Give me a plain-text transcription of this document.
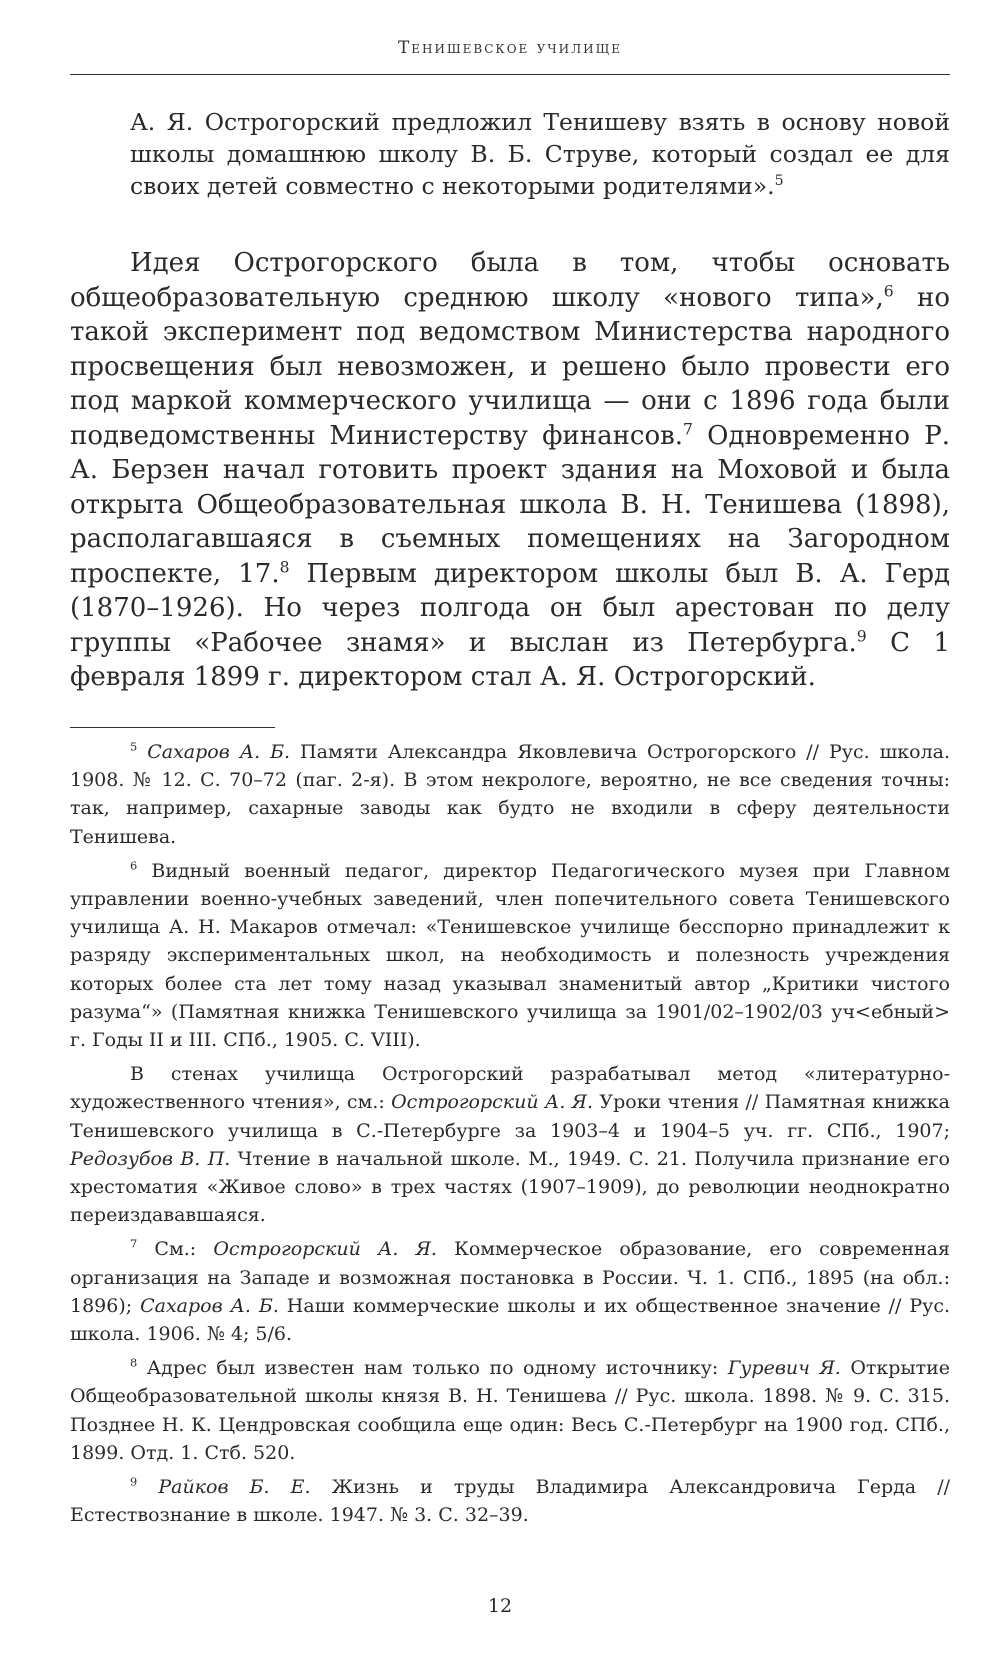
Тенишевское училище

А. Я. Острогорский предложил Тенишеву взять в основу новой школы домашнюю школу В. Б. Струве, который создал ее для своих детей совместно с некоторыми родителями».$^5$

Идея Острогорского была в том, чтобы основать общеобразовательную среднюю школу «нового типа»,$^6$ но такой эксперимент под ведомством Министерства народного просвещения был невозможен, и решено было провести его под маркой коммерческого училища — они с 1896 года были подведомственны Министерству финансов.$^7$ Одновременно Р. А. Берзен начал готовить проект здания на Моховой и была открыта Общеобразовательная школа В. Н. Тенишева (1898), располагавшаяся в съемных помещениях на Загородном проспекте, 17.$^8$ Первым директором школы был В. А. Герд (1870–1926). Но через полгода он был арестован по делу группы «Рабочее знамя» и выслан из Петербурга.$^9$ С 1 февраля 1899 г. директором стал А. Я. Острогорский.

$^5$ Сахаров А. Б. Памяти Александра Яковлевича Острогорского // Рус. школа. 1908. № 12. С. 70–72 (паг. 2-я). В этом некрологе, вероятно, не все сведения точны: так, например, сахарные заводы как будто не входили в сферу деятельности Тенишева.

$^6$ Видный военный педагог, директор Педагогического музея при Главном управлении военно-учебных заведений, член попечительного совета Тенишевского училища А. Н. Макаров отмечал: «Тенишевское училище бесспорно принадлежит к разряду экспериментальных школ, на необходимость и полезность учреждения которых более ста лет тому назад указывал знаменитый автор „Критики чистого разума“» (Памятная книжка Тенишевского училища за 1901/02–1902/03 уч<ебный> г. Годы II и III. СПб., 1905. С. VIII).

В стенах училища Острогорский разрабатывал метод «литературно-художественного чтения», см.: Острогорский А. Я. Уроки чтения // Памятная книжка Тенишевского училища в С.-Петербурге за 1903–4 и 1904–5 уч. гг. СПб., 1907; Редозубов В. П. Чтение в начальной школе. М., 1949. С. 21. Получила признание его хрестоматия «Живое слово» в трех частях (1907–1909), до революции неоднократно переиздававшаяся.

$^7$ См.: Острогорский А. Я. Коммерческое образование, его современная организация на Западе и возможная постановка в России. Ч. 1. СПб., 1895 (на обл.: 1896); Сахаров А. Б. Наши коммерческие школы и их общественное значение // Рус. школа. 1906. № 4; 5/6.

$^8$ Адрес был известен нам только по одному источнику: Гуревич Я. Открытие Общеобразовательной школы князя В. Н. Тенишева // Рус. школа. 1898. № 9. С. 315. Позднее Н. К. Цендровская сообщила еще один: Весь С.-Петербург на 1900 год. СПб., 1899. Отд. 1. Стб. 520.

$^9$ Райков Б. Е. Жизнь и труды Владимира Александровича Герда // Естествознание в школе. 1947. № 3. С. 32–39.

12
